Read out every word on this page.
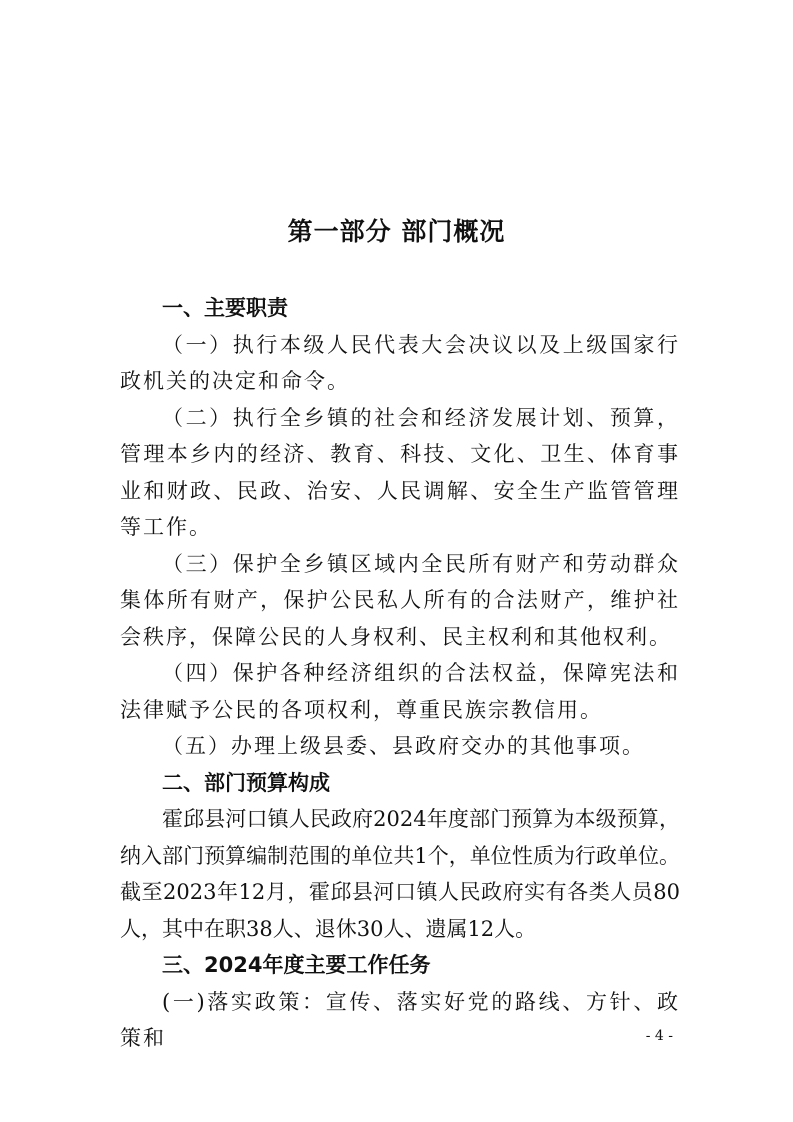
第一部分 部门概况

一、主要职责

（一）执行本级人民代表大会决议以及上级国家行政机关的决定和命令。

（二）执行全乡镇的社会和经济发展计划、预算，管理本乡内的经济、教育、科技、文化、卫生、体育事业和财政、民政、治安、人民调解、安全生产监管管理等工作。

（三）保护全乡镇区域内全民所有财产和劳动群众集体所有财产，保护公民私人所有的合法财产，维护社会秩序，保障公民的人身权利、民主权利和其他权利。

（四）保护各种经济组织的合法权益，保障宪法和法律赋予公民的各项权利，尊重民族宗教信用。

（五）办理上级县委、县政府交办的其他事项。

二、部门预算构成

霍邱县河口镇人民政府2024年度部门预算为本级预算，纳入部门预算编制范围的单位共1个，单位性质为行政单位。截至2023年12月，霍邱县河口镇人民政府实有各类人员80人，其中在职38人、退休30人、遗属12人。

三、2024年度主要工作任务

(一)落实政策：宣传、落实好党的路线、方针、政策和	- 4 -
